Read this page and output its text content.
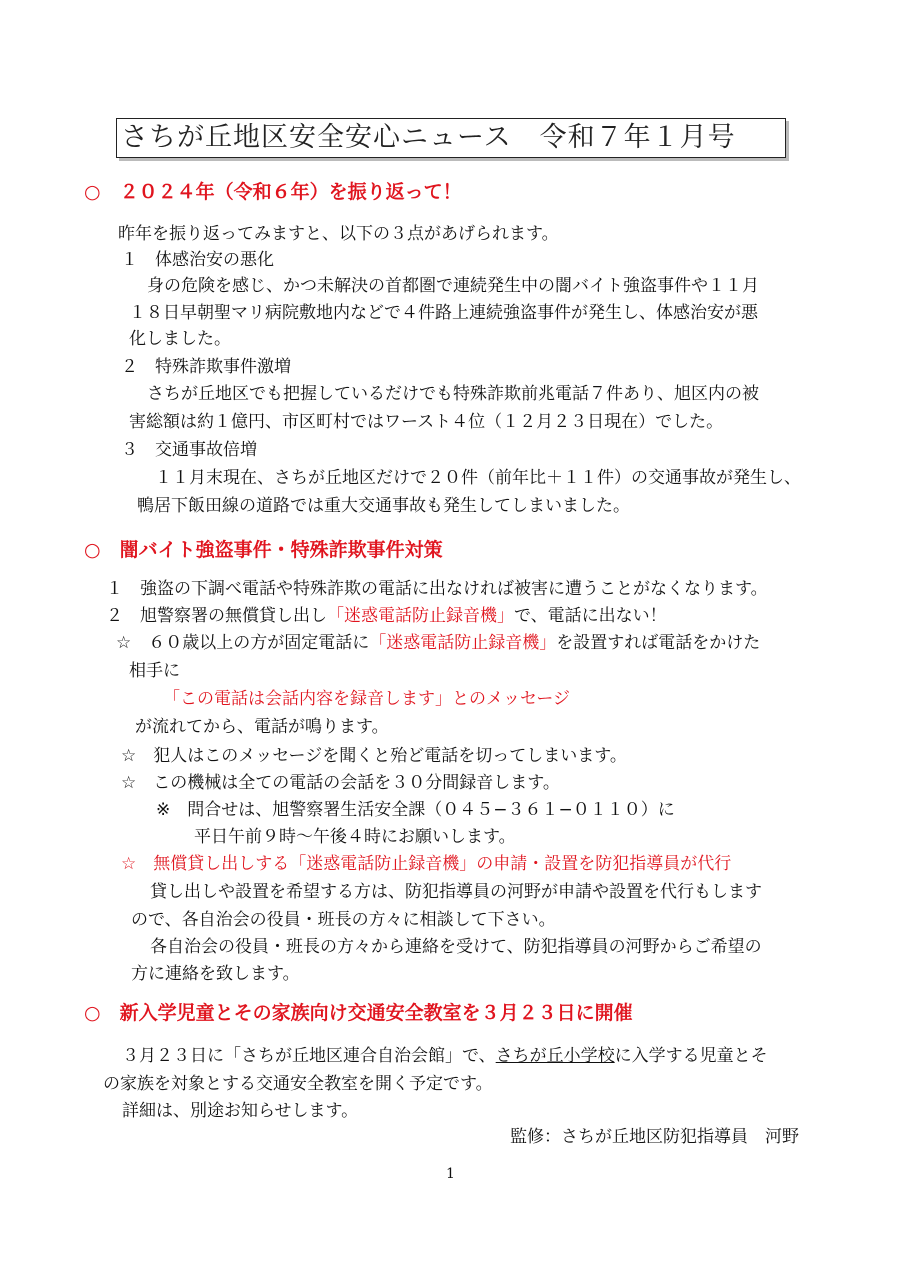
さちが丘地区安全安心ニュース　令和７年１月号
○　２０２４年（令和６年）を振り返って！
昨年を振り返ってみますと、以下の３点があげられます。
１　体感治安の悪化
身の危険を感じ、かつ未解決の首都圏で連続発生中の闇バイト強盗事件や１１月
１８日早朝聖マリ病院敷地内などで４件路上連続強盗事件が発生し、体感治安が悪
化しました。
２　特殊詐欺事件激増
さちが丘地区でも把握しているだけでも特殊詐欺前兆電話７件あり、旭区内の被
害総額は約１億円、市区町村ではワースト４位（１２月２３日現在）でした。
３　交通事故倍増
１１月末現在、さちが丘地区だけで２０件（前年比＋１１件）の交通事故が発生し、
鴨居下飯田線の道路では重大交通事故も発生してしまいました。
○　闇バイト強盗事件・特殊詐欺事件対策
１　強盗の下調べ電話や特殊詐欺の電話に出なければ被害に遭うことがなくなります。
２　旭警察署の無償貸し出し「迷惑電話防止録音機」で、電話に出ない！
☆　６０歳以上の方が固定電話に「迷惑電話防止録音機」を設置すれば電話をかけた
相手に
「この電話は会話内容を録音します」とのメッセージ
が流れてから、電話が鳴ります。
☆　犯人はこのメッセージを聞くと殆ど電話を切ってしまいます。
☆　この機械は全ての電話の会話を３０分間録音します。
※　問合せは、旭警察署生活安全課（０４５−３６１−０１１０）に
平日午前９時〜午後４時にお願いします。
☆　無償貸し出しする「迷惑電話防止録音機」の申請・設置を防犯指導員が代行
貸し出しや設置を希望する方は、防犯指導員の河野が申請や設置を代行もします
ので、各自治会の役員・班長の方々に相談して下さい。
各自治会の役員・班長の方々から連絡を受けて、防犯指導員の河野からご希望の
方に連絡を致します。
○　新入学児童とその家族向け交通安全教室を３月２３日に開催
３月２３日に「さちが丘地区連合自治会館」で、さちが丘小学校に入学する児童とそ
の家族を対象とする交通安全教室を開く予定です。
詳細は、別途お知らせします。
監修：さちが丘地区防犯指導員　河野
1
